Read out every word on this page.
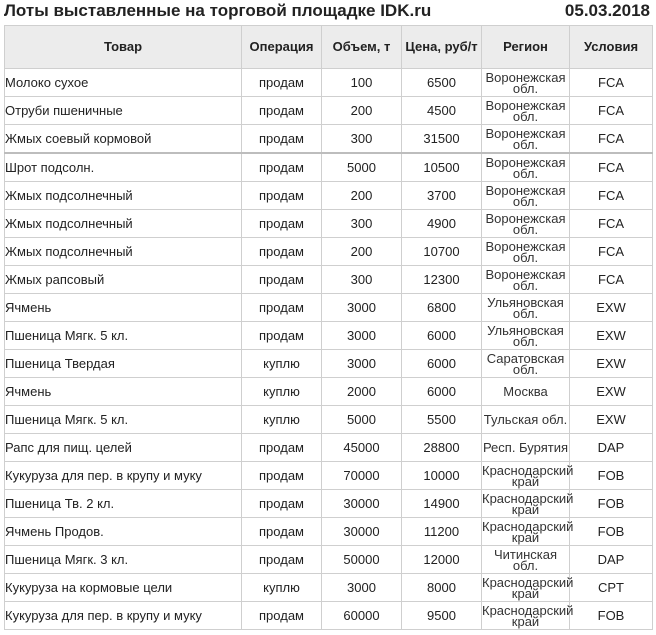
Лоты выставленные на торговой площадке IDK.ru	05.03.2018
Товар	Операция	Объем, т	Цена, руб/т	Регион	Условия
Молоко сухое	продам	100	6500	Воронежская обл.	FCA
Отруби пшеничные	продам	200	4500	Воронежская обл.	FCA
Жмых соевый кормовой	продам	300	31500	Воронежская обл.	FCA
Шрот подсолн.	продам	5000	10500	Воронежская обл.	FCA
Жмых подсолнечный	продам	200	3700	Воронежская обл.	FCA
Жмых подсолнечный	продам	300	4900	Воронежская обл.	FCA
Жмых подсолнечный	продам	200	10700	Воронежская обл.	FCA
Жмых рапсовый	продам	300	12300	Воронежская обл.	FCA
Ячмень	продам	3000	6800	Ульяновская обл.	EXW
Пшеница Мягк. 5 кл.	продам	3000	6000	Ульяновская обл.	EXW
Пшеница Твердая	куплю	3000	6000	Саратовская обл.	EXW
Ячмень	куплю	2000	6000	Москва	EXW
Пшеница Мягк. 5 кл.	куплю	5000	5500	Тульская обл.	EXW
Рапс для пищ. целей	продам	45000	28800	Респ. Бурятия	DAP
Кукуруза для пер. в крупу и муку	продам	70000	10000	Краснодарский край	FOB
Пшеница Тв. 2 кл.	продам	30000	14900	Краснодарский край	FOB
Ячмень Продов.	продам	30000	11200	Краснодарский край	FOB
Пшеница Мягк. 3 кл.	продам	50000	12000	Читинская обл.	DAP
Кукуруза на кормовые цели	куплю	3000	8000	Краснодарский край	CPT
Кукуруза для пер. в крупу и муку	продам	60000	9500	Краснодарский край	FOB
